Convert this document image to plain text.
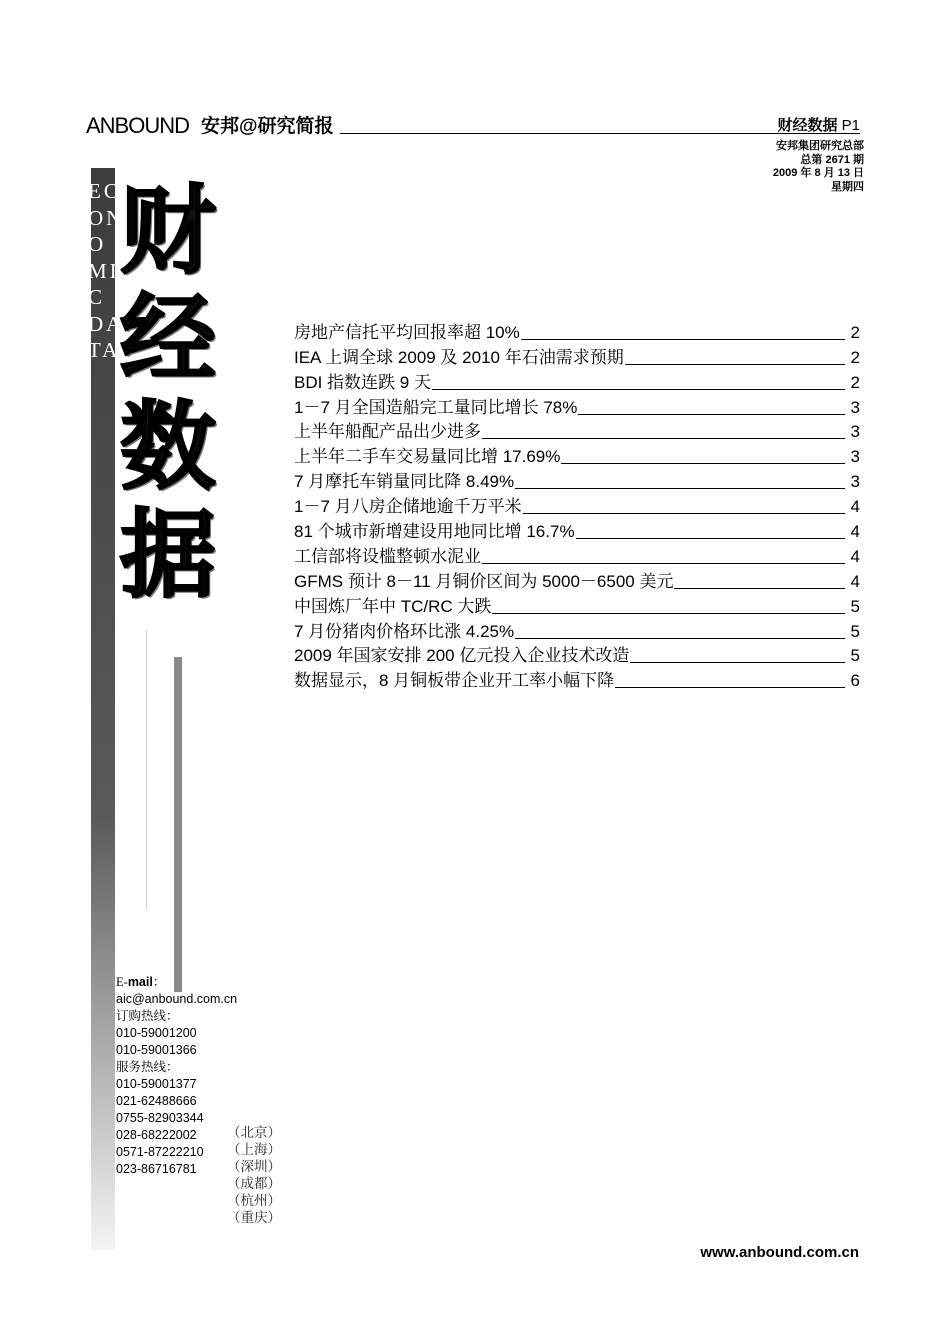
ANBOUND 安邦@研究简报	财经数据 P1
安邦集团研究总部
总第 2671 期
2009 年 8 月 13 日
星期四
EC
ON
O
MI
C
DA
TA
财经数据
房地产信托平均回报率超 10%	2
IEA 上调全球 2009 及 2010 年石油需求预期	2
BDI 指数连跌 9 天	2
1－7 月全国造船完工量同比增长 78%	3
上半年船配产品出少进多	3
上半年二手车交易量同比增 17.69%	3
7 月摩托车销量同比降 8.49%	3
1－7 月八房企储地逾千万平米	4
81 个城市新增建设用地同比增 16.7%	4
工信部将设槛整顿水泥业	4
GFMS 预计 8－11 月铜价区间为 5000－6500 美元	4
中国炼厂年中 TC/RC 大跌	5
7 月份猪肉价格环比涨 4.25%	5
2009 年国家安排 200 亿元投入企业技术改造	5
数据显示，8 月铜板带企业开工率小幅下降	6
E-mail：
aic@anbound.com.cn
订购热线：
010-59001200
010-59001366
服务热线：
010-59001377
021-62488666
0755-82903344
028-68222002
0571-87222210
023-86716781
（北京）
（上海）
（深圳）
（成都）
（杭州）
（重庆）
www.anbound.com.cn
